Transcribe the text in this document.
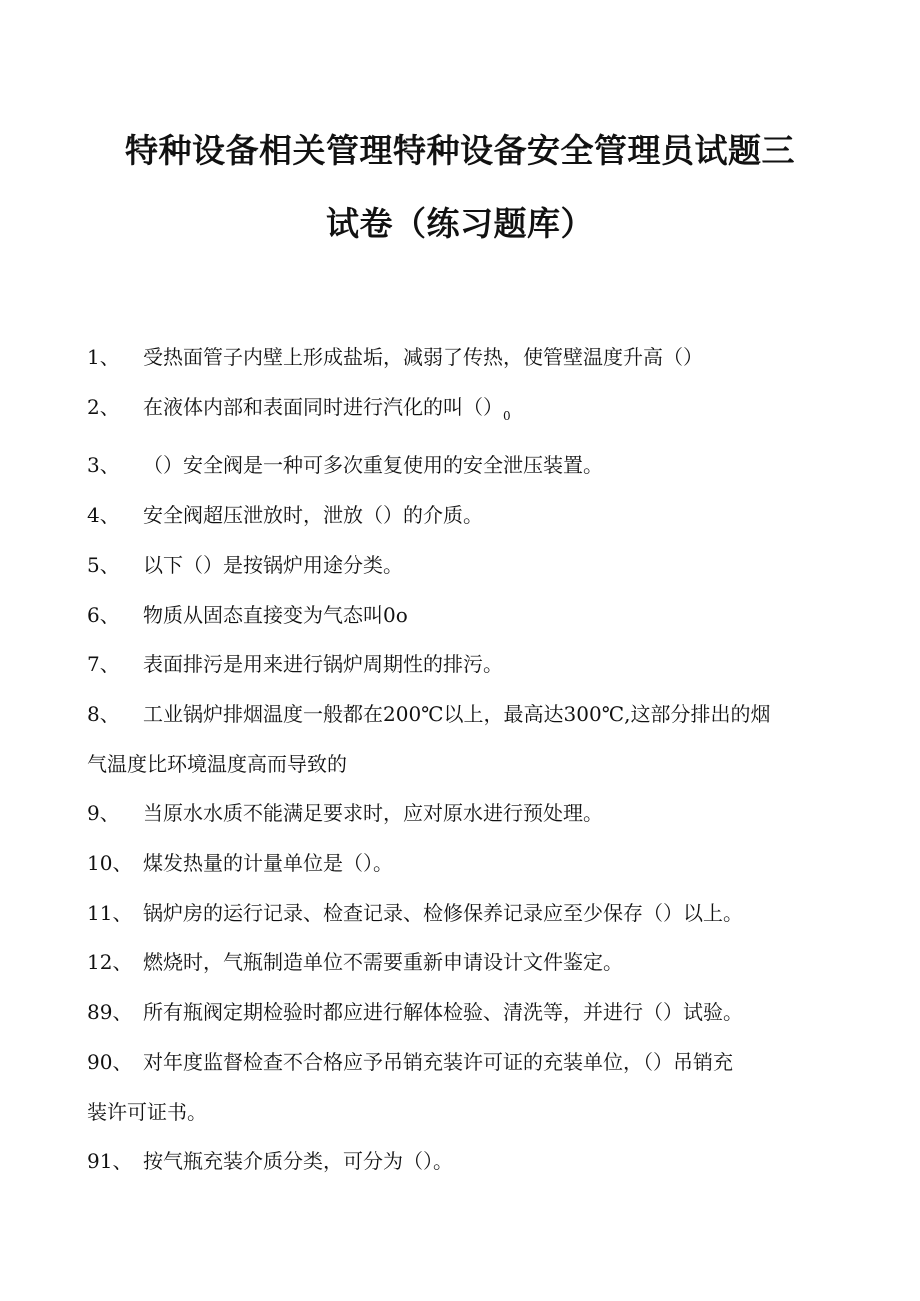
特种设备相关管理特种设备安全管理员试题三
试卷（练习题库）
1、 受热面管子内壁上形成盐垢，减弱了传热，使管壁温度升高（）
2、 在液体内部和表面同时进行汽化的叫$()_0$
3、 （）安全阀是一种可多次重复使用的安全泄压装置。
4、 安全阀超压泄放时，泄放（）的介质。
5、 以下（）是按锅炉用途分类。
6、 物质从固态直接变为气态叫0o
7、 表面排污是用来进行锅炉周期性的排污。
8、 工业锅炉排烟温度一般都在200℃以上，最高达300℃,这部分排出的烟
气温度比环境温度高而导致的
9、 当原水水质不能满足要求时，应对原水进行预处理。
10、 煤发热量的计量单位是（）。
11、 锅炉房的运行记录、检查记录、检修保养记录应至少保存（）以上。
12、 燃烧时，气瓶制造单位不需要重新申请设计文件鉴定。
89、 所有瓶阀定期检验时都应进行解体检验、清洗等，并进行（）试验。
90、 对年度监督检查不合格应予吊销充装许可证的充装单位，（）吊销充
装许可证书。
91、 按气瓶充装介质分类，可分为（）。
